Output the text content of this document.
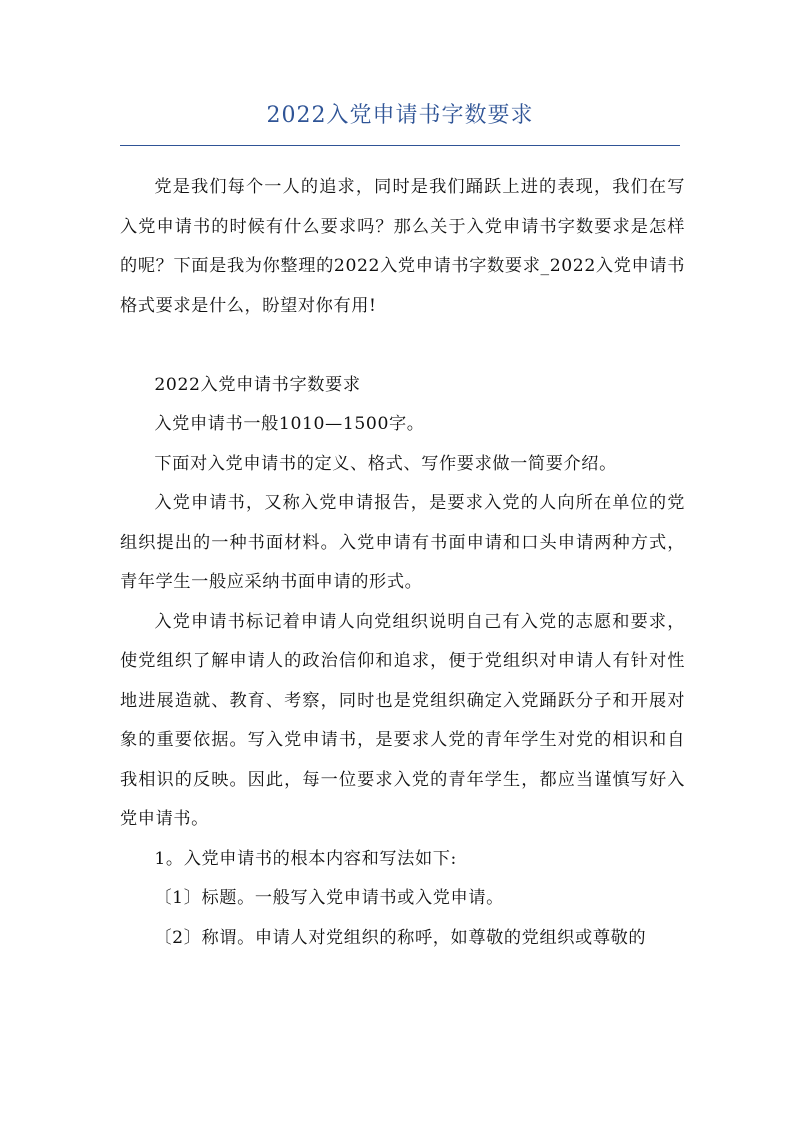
2022入党申请书字数要求

党是我们每个一人的追求，同时是我们踊跃上进的表现，我们在写入党申请书的时候有什么要求吗？那么关于入党申请书字数要求是怎样的呢？下面是我为你整理的2022入党申请书字数要求_2022入党申请书格式要求是什么，盼望对你有用!

2022入党申请书字数要求

入党申请书一般1010—1500字。

下面对入党申请书的定义、格式、写作要求做一简要介绍。

入党申请书，又称入党申请报告，是要求入党的人向所在单位的党组织提出的一种书面材料。入党申请有书面申请和口头申请两种方式，青年学生一般应采纳书面申请的形式。

入党申请书标记着申请人向党组织说明自己有入党的志愿和要求，使党组织了解申请人的政治信仰和追求，便于党组织对申请人有针对性地进展造就、教育、考察，同时也是党组织确定入党踊跃分子和开展对象的重要依据。写入党申请书，是要求人党的青年学生对党的相识和自我相识的反映。因此，每一位要求入党的青年学生，都应当谨慎写好入党申请书。

1。入党申请书的根本内容和写法如下:

〔1〕标题。一般写入党申请书或入党申请。

〔2〕称谓。申请人对党组织的称呼，如尊敬的党组织或尊敬的
